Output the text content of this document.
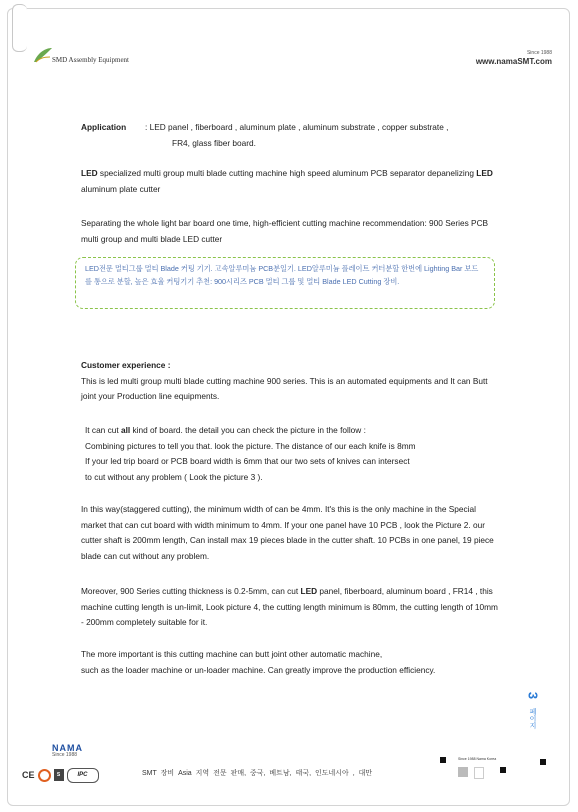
SMD Assembly Equipment
Since 1988
www.namaSMT.com
Application : LED panel , fiberboard , aluminum plate , aluminum substrate , copper substrate ,
FR4, glass fiber board.
LED specialized multi group multi blade cutting machine high speed aluminum PCB separator depanelizing LED aluminum plate cutter
Separating the whole light bar board one time, high-efficient cutting machine recommendation: 900 Series PCB multi group and multi blade LED cutter
LED전문 멀티그룹 멀티 Blade 커팅 기기. 고속알루미늄 PCB분일기. LED알루미늄 플레이트 커터분할 한번에 Lighting Bar 보드를 통으로 분할, 높은 효율 커팅기기 추천: 900시리즈 PCB 멀티 그룹 및 멀티 Blade LED Cutting 장비.
Customer experience :
This is led multi group multi blade cutting machine 900 series. This is an automated equipments and It can Butt joint your Production line equipments.
It can cut all kind of board. the detail you can check the picture in the follow :
Combining pictures to tell you that. look the picture. The distance of our each knife is 8mm
If your led trip board or PCB board width is 6mm that our two sets of knives can intersect
to cut without any problem ( Look the picture 3 ).
In this way(staggered cutting), the minimum width of can be 4mm. It's this is the only machine in the Special market that can cut board with width minimum to 4mm. If your one panel have 10 PCB , look the Picture 2. our cutter shaft is 200mm length, Can install max 19 pieces blade in the cutter shaft. 10 PCBs in one panel, 19 piece blade can cut without any problem.
Moreover, 900 Series cutting thickness is 0.2-5mm, can cut LED panel, fiberboard, aluminum board , FR14 , this machine cutting length is un-limit, Look picture 4, the cutting length minimum is 80mm, the cutting length of 10mm - 200mm completely suitable for it.
The more important is this cutting machine can butt joint other automatic machine,
such as the loader machine or un-loader machine. Can greatly improve the production efficiency.
3
페이지
NAMA
Since 1988
CE	S	IPC	SMT 장비 Asia 지역 전문 판매, 중국, 베트남, 태국, 인도네시아 , 대만
Since 1988 Nama Korea
